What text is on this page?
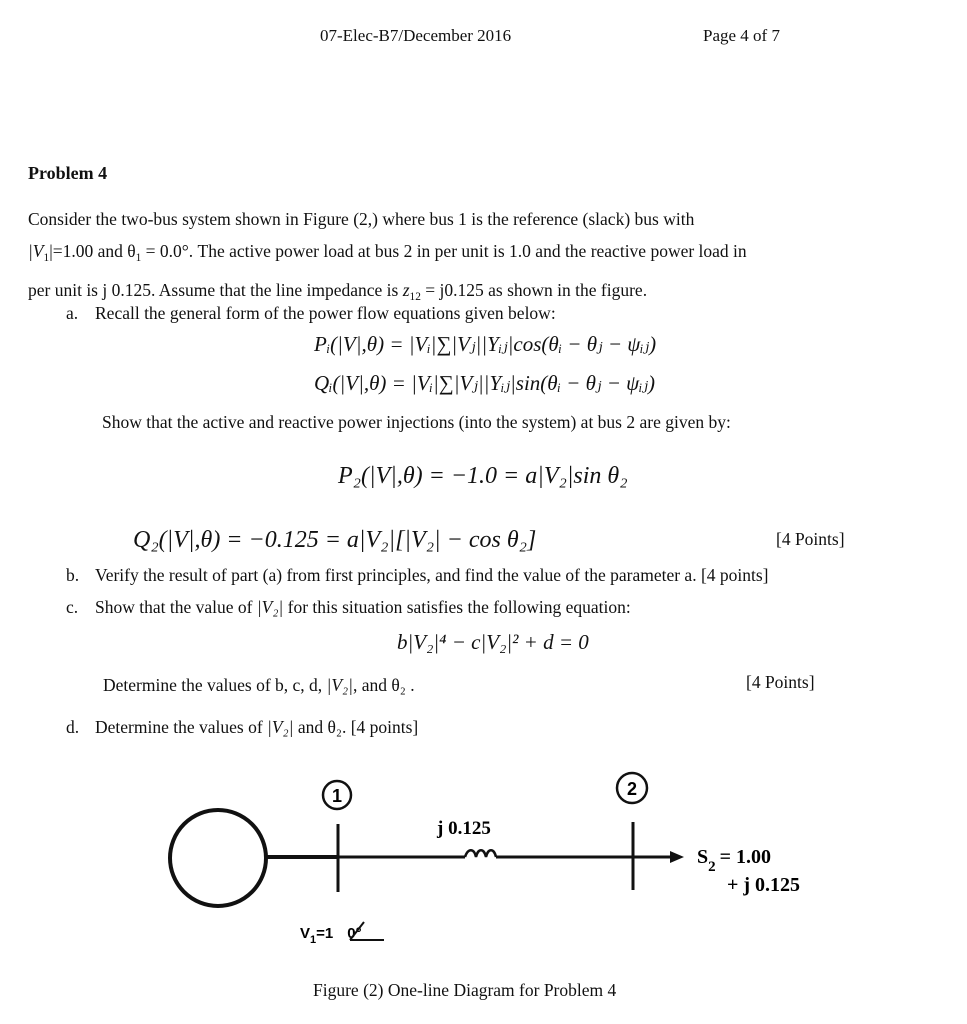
07-Elec-B7/December 2016	Page 4 of 7
Problem 4
Consider the two-bus system shown in Figure (2,) where bus 1 is the reference (slack) bus with
$|V_1|=1.00$ and $\theta_1 = 0.0^\circ$. The active power load at bus 2 in per unit is 1.0 and the reactive power load in
per unit is j 0.125. Assume that the line impedance is $z_{12} = j0.125$ as shown in the figure.
a. Recall the general form of the power flow equations given below:
Pᵢ(|V|,θ) = |Vᵢ|∑|Vⱼ||Yᵢⱼ|cos(θᵢ − θⱼ − ψᵢⱼ)
Qᵢ(|V|,θ) = |Vᵢ|∑|Vⱼ||Yᵢⱼ|sin(θᵢ − θⱼ − ψᵢⱼ)
Show that the active and reactive power injections (into the system) at bus 2 are given by:
P₂(|V|,θ) = −1.0 = a|V₂|sin θ₂
Q₂(|V|,θ) = −0.125 = a|V₂|[|V₂| − cos θ₂]	[4 Points]
b. Verify the result of part (a) from first principles, and find the value of the parameter a. [4 points]
c. Show that the value of |V₂| for this situation satisfies the following equation:
b|V₂|⁴ − c|V₂|² + d = 0
Determine the values of b, c, d, |V₂|, and θ₂ .	[4 Points]
d. Determine the values of |V₂| and θ₂. [4 points]
1	2
j 0.125
$S_2 = 1.00$
+ j 0.125
$V_1=1$ 0°
Figure (2) One-line Diagram for Problem 4
